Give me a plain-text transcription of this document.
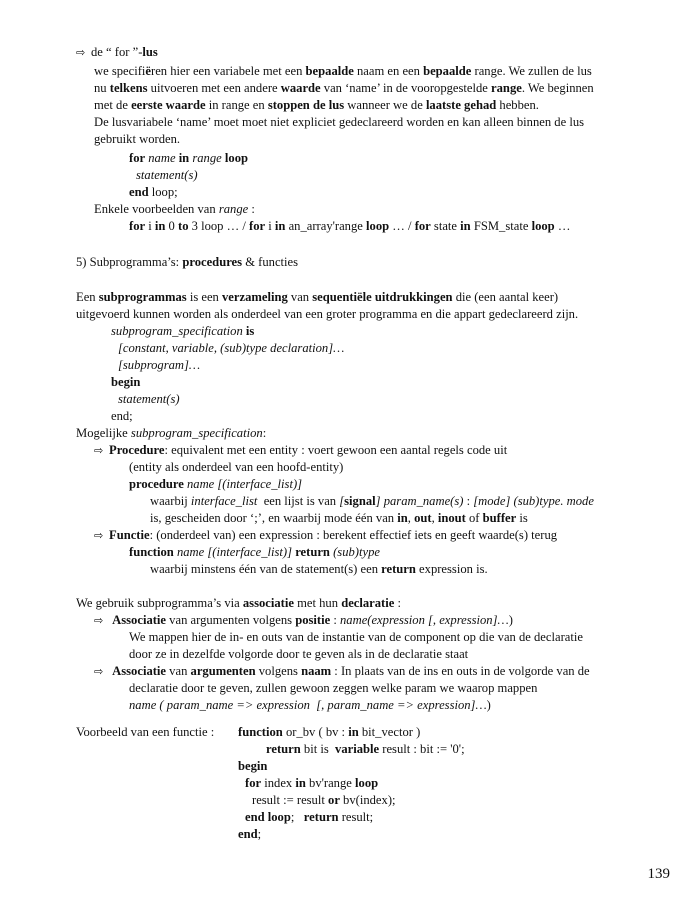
⇨ de “ for ”-lus
we specifiëren hier een variabele met een bepaalde naam en een bepaalde range. We zullen de lus
nu telkens uitvoeren met een andere waarde van ‘name’ in de vooropgestelde range. We beginnen
met de eerste waarde in range en stoppen de lus wanneer we de laatste gehad hebben.
De lusvariabele ‘name’ moet moet niet expliciet gedeclareerd worden en kan alleen binnen de lus
gebruikt worden.
for name in range loop
statement(s)
end loop;
Enkele voorbeelden van range :
for i in 0 to 3 loop … / for i in an_array'range loop … / for state in FSM_state loop …
5) Subprogramma’s: procedures & functies
Een subprogrammas is een verzameling van sequentiële uitdrukkingen die (een aantal keer)
uitgevoerd kunnen worden als onderdeel van een groter programma en die appart gedeclareerd zijn.
subprogram_specification is
[constant, variable, (sub)type declaration]…
[subprogram]…
begin
statement(s)
end;
Mogelijke subprogram_specification:
⇨ Procedure: equivalent met een entity : voert gewoon een aantal regels code uit
(entity als onderdeel van een hoofd-entity)
procedure name [(interface_list)]
waarbij interface_list  een lijst is van [signal] param_name(s) : [mode] (sub)type. mode
is, gescheiden door ‘;’, en waarbij mode één van in, out, inout of buffer is
⇨ Functie: (onderdeel van) een expression : berekent effectief iets en geeft waarde(s) terug
function name [(interface_list)] return (sub)type
waarbij minstens één van de statement(s) een return expression is.
We gebruik subprogramma’s via associatie met hun declaratie :
⇨ Associatie van argumenten volgens positie : name(expression [, expression]…)
We mappen hier de in- en outs van de instantie van de component op die van de declaratie
door ze in dezelfde volgorde door te geven als in de declaratie staat
⇨ Associatie van argumenten volgens naam : In plaats van de ins en outs in de volgorde van de
declaratie door te geven, zullen gewoon zeggen welke param we waarop mappen
name ( param_name => expression  [, param_name => expression]…)
Voorbeeld van een functie : function or_bv ( bv : in bit_vector )
return bit is  variable result : bit := '0';
begin
for index in bv'range loop
result := result or bv(index);
end loop;   return result;
end;
139
